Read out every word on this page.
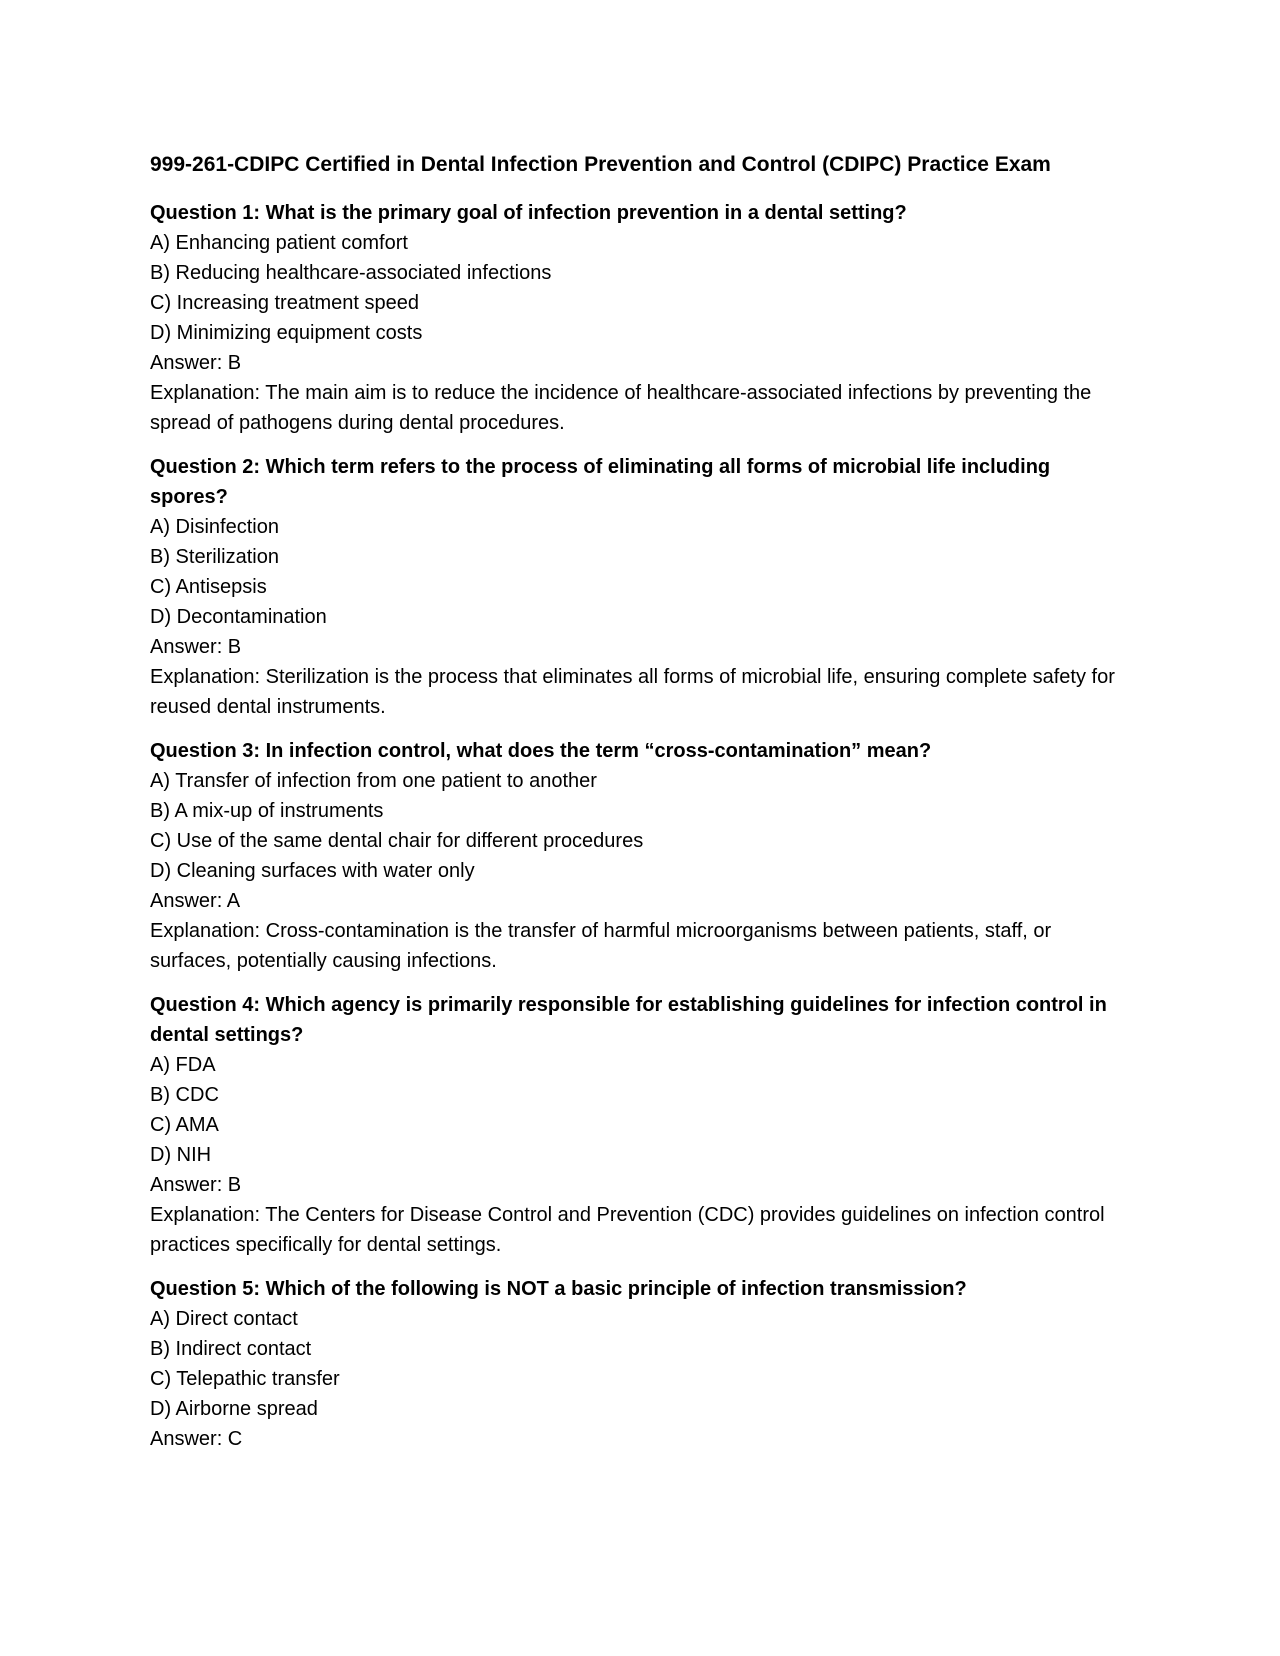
999-261-CDIPC Certified in Dental Infection Prevention and Control (CDIPC) Practice Exam
Question 1: What is the primary goal of infection prevention in a dental setting?
A) Enhancing patient comfort
B) Reducing healthcare-associated infections
C) Increasing treatment speed
D) Minimizing equipment costs
Answer: B
Explanation: The main aim is to reduce the incidence of healthcare-associated infections by preventing the spread of pathogens during dental procedures.
Question 2: Which term refers to the process of eliminating all forms of microbial life including spores?
A) Disinfection
B) Sterilization
C) Antisepsis
D) Decontamination
Answer: B
Explanation: Sterilization is the process that eliminates all forms of microbial life, ensuring complete safety for reused dental instruments.
Question 3: In infection control, what does the term “cross-contamination” mean?
A) Transfer of infection from one patient to another
B) A mix-up of instruments
C) Use of the same dental chair for different procedures
D) Cleaning surfaces with water only
Answer: A
Explanation: Cross-contamination is the transfer of harmful microorganisms between patients, staff, or surfaces, potentially causing infections.
Question 4: Which agency is primarily responsible for establishing guidelines for infection control in dental settings?
A) FDA
B) CDC
C) AMA
D) NIH
Answer: B
Explanation: The Centers for Disease Control and Prevention (CDC) provides guidelines on infection control practices specifically for dental settings.
Question 5: Which of the following is NOT a basic principle of infection transmission?
A) Direct contact
B) Indirect contact
C) Telepathic transfer
D) Airborne spread
Answer: C
